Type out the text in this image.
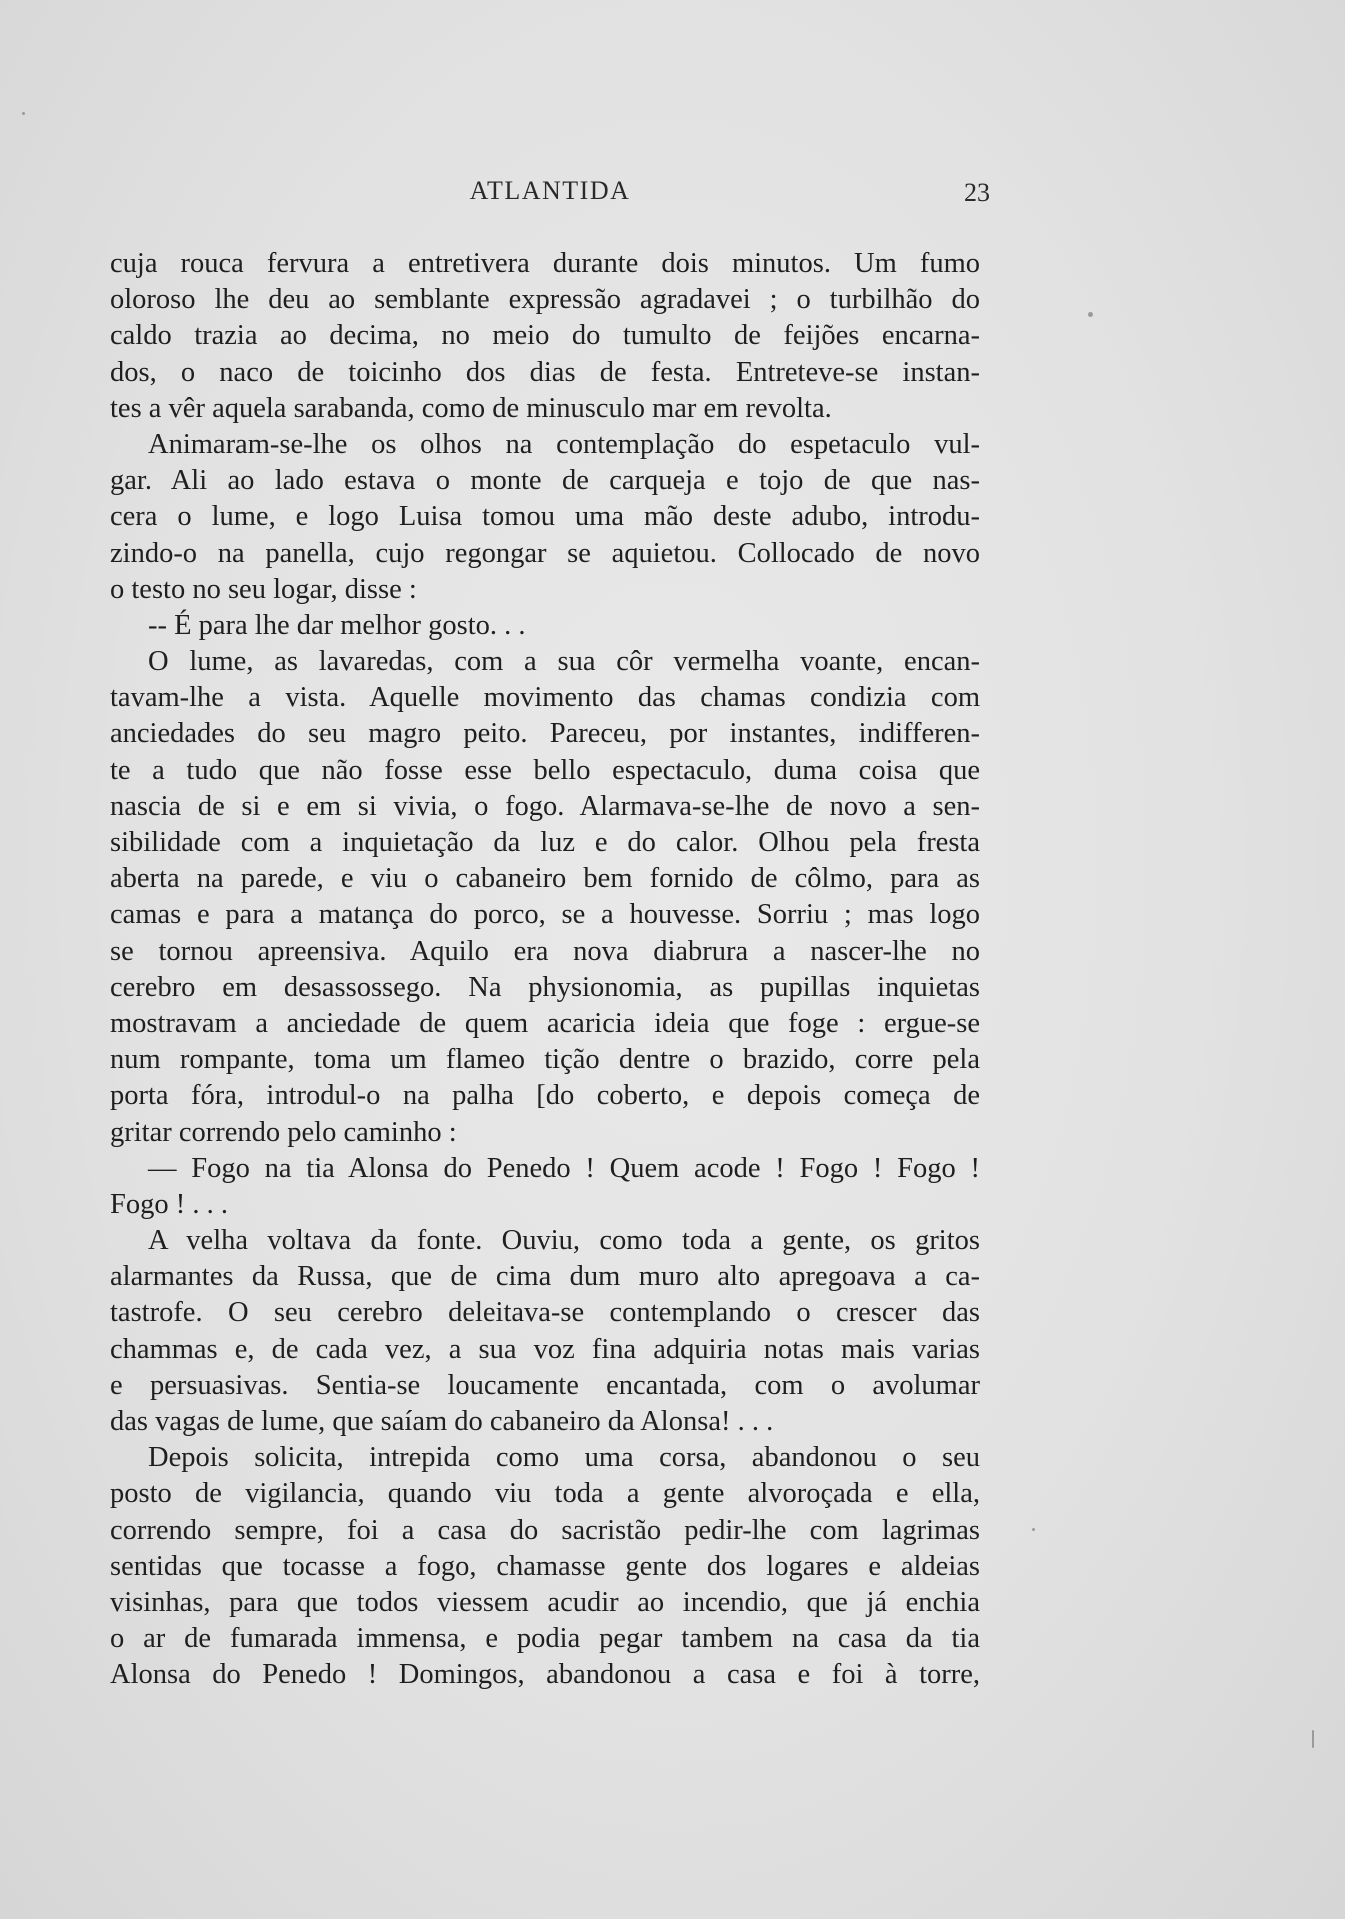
ATLANTIDA	23
cuja rouca fervura a entretivera durante dois minutos. Um fumo
oloroso lhe deu ao semblante expressão agradavei ; o turbilhão do
caldo trazia ao decima, no meio do tumulto de feijões encarna-
dos, o naco de toicinho dos dias de festa. Entreteve-se instan-
tes a vêr aquela sarabanda, como de minusculo mar em revolta.
Animaram-se-lhe os olhos na contemplação do espetaculo vul-
gar. Ali ao lado estava o monte de carqueja e tojo de que nas-
cera o lume, e logo Luisa tomou uma mão deste adubo, introdu-
zindo-o na panella, cujo regongar se aquietou. Collocado de novo
o testo no seu logar, disse :
-- É para lhe dar melhor gosto. . .
O lume, as lavaredas, com a sua côr vermelha voante, encan-
tavam-lhe a vista. Aquelle movimento das chamas condizia com
anciedades do seu magro peito. Pareceu, por instantes, indifferen-
te a tudo que não fosse esse bello espectaculo, duma coisa que
nascia de si e em si vivia, o fogo. Alarmava-se-lhe de novo a sen-
sibilidade com a inquietação da luz e do calor. Olhou pela fresta
aberta na parede, e viu o cabaneiro bem fornido de côlmo, para as
camas e para a matança do porco, se a houvesse. Sorriu ; mas logo
se tornou apreensiva. Aquilo era nova diabrura a nascer-lhe no
cerebro em desassossego. Na physionomia, as pupillas inquietas
mostravam a anciedade de quem acaricia ideia que foge : ergue-se
num rompante, toma um flameo tição dentre o brazido, corre pela
porta fóra, introdul-o na palha [do coberto, e depois começa de
gritar correndo pelo caminho :
— Fogo na tia Alonsa do Penedo ! Quem acode ! Fogo ! Fogo !
Fogo ! . . .
A velha voltava da fonte. Ouviu, como toda a gente, os gritos
alarmantes da Russa, que de cima dum muro alto apregoava a ca-
tastrofe. O seu cerebro deleitava-se contemplando o crescer das
chammas e, de cada vez, a sua voz fina adquiria notas mais varias
e persuasivas. Sentia-se loucamente encantada, com o avolumar
das vagas de lume, que saíam do cabaneiro da Alonsa! . . .
Depois solicita, intrepida como uma corsa, abandonou o seu
posto de vigilancia, quando viu toda a gente alvoroçada e ella,
correndo sempre, foi a casa do sacristão pedir-lhe com lagrimas
sentidas que tocasse a fogo, chamasse gente dos logares e aldeias
visinhas, para que todos viessem acudir ao incendio, que já enchia
o ar de fumarada immensa, e podia pegar tambem na casa da tia
Alonsa do Penedo ! Domingos, abandonou a casa e foi à torre,
